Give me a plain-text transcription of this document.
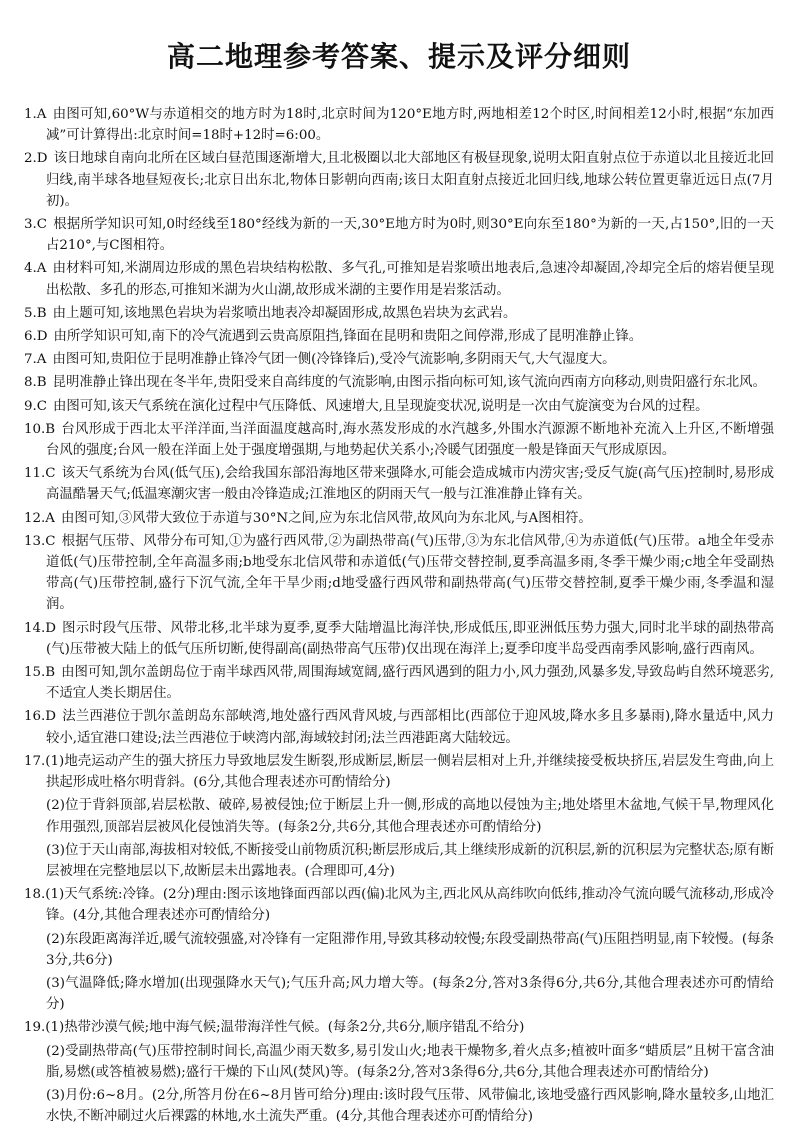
高二地理参考答案、提示及评分细则

1.A 由图可知,60°W与赤道相交的地方时为18时,北京时间为120°E地方时,两地相差12个时区,时间相差12小时,根据“东加西减”可计算得出:北京时间=18时+12时=6:00。

2.D 该日地球自南向北所在区域白昼范围逐渐增大,且北极圈以北大部地区有极昼现象,说明太阳直射点位于赤道以北且接近北回归线,南半球各地昼短夜长;北京日出东北,物体日影朝向西南;该日太阳直射点接近北回归线,地球公转位置更靠近远日点(7月初)。

3.C 根据所学知识可知,0时经线至180°经线为新的一天,30°E地方时为0时,则30°E向东至180°为新的一天,占150°,旧的一天占210°,与C图相符。

4.A 由材料可知,米湖周边形成的黑色岩块结构松散、多气孔,可推知是岩浆喷出地表后,急速冷却凝固,冷却完全后的熔岩便呈现出松散、多孔的形态,可推知米湖为火山湖,故形成米湖的主要作用是岩浆活动。

5.B 由上题可知,该地黑色岩块为岩浆喷出地表冷却凝固形成,故黑色岩块为玄武岩。

6.D 由所学知识可知,南下的冷气流遇到云贵高原阻挡,锋面在昆明和贵阳之间停滞,形成了昆明准静止锋。

7.A 由图可知,贵阳位于昆明准静止锋冷气团一侧(冷锋锋后),受冷气流影响,多阴雨天气,大气湿度大。

8.B 昆明准静止锋出现在冬半年,贵阳受来自高纬度的气流影响,由图示指向标可知,该气流向西南方向移动,则贵阳盛行东北风。

9.C 由图可知,该天气系统在演化过程中气压降低、风速增大,且呈现旋变状况,说明是一次由气旋演变为台风的过程。

10.B 台风形成于西北太平洋洋面,当洋面温度越高时,海水蒸发形成的水汽越多,外围水汽源源不断地补充流入上升区,不断增强台风的强度;台风一般在洋面上处于强度增强期,与地势起伏关系小;冷暖气团强度一般是锋面天气形成原因。

11.C 该天气系统为台风(低气压),会给我国东部沿海地区带来强降水,可能会造成城市内涝灾害;受反气旋(高气压)控制时,易形成高温酷暑天气;低温寒潮灾害一般由冷锋造成;江淮地区的阴雨天气一般与江淮准静止锋有关。

12.A 由图可知,③风带大致位于赤道与30°N之间,应为东北信风带,故风向为东北风,与A图相符。

13.C 根据气压带、风带分布可知,①为盛行西风带,②为副热带高(气)压带,③为东北信风带,④为赤道低(气)压带。a地全年受赤道低(气)压带控制,全年高温多雨;b地受东北信风带和赤道低(气)压带交替控制,夏季高温多雨,冬季干燥少雨;c地全年受副热带高(气)压带控制,盛行下沉气流,全年干旱少雨;d地受盛行西风带和副热带高(气)压带交替控制,夏季干燥少雨,冬季温和湿润。

14.D 图示时段气压带、风带北移,北半球为夏季,夏季大陆增温比海洋快,形成低压,即亚洲低压势力强大,同时北半球的副热带高(气)压带被大陆上的低气压所切断,使得副高(副热带高气压带)仅出现在海洋上;夏季印度半岛受西南季风影响,盛行西南风。

15.B 由图可知,凯尔盖朗岛位于南半球西风带,周围海域宽阔,盛行西风遇到的阻力小,风力强劲,风暴多发,导致岛屿自然环境恶劣,不适宜人类长期居住。

16.D 法兰西港位于凯尔盖朗岛东部峡湾,地处盛行西风背风坡,与西部相比(西部位于迎风坡,降水多且多暴雨),降水量适中,风力较小,适宜港口建设;法兰西港位于峡湾内部,海域较封闭;法兰西港距离大陆较远。

17.(1)地壳运动产生的强大挤压力导致地层发生断裂,形成断层,断层一侧岩层相对上升,并继续接受板块挤压,岩层发生弯曲,向上拱起形成吐格尔明背斜。(6分,其他合理表述亦可酌情给分)

(2)位于背斜顶部,岩层松散、破碎,易被侵蚀;位于断层上升一侧,形成的高地以侵蚀为主;地处塔里木盆地,气候干旱,物理风化作用强烈,顶部岩层被风化侵蚀消失等。(每条2分,共6分,其他合理表述亦可酌情给分)

(3)位于天山南部,海拔相对较低,不断接受山前物质沉积;断层形成后,其上继续形成新的沉积层,新的沉积层为完整状态;原有断层被埋在完整地层以下,故断层未出露地表。(合理即可,4分)

18.(1)天气系统:冷锋。(2分)理由:图示该地锋面西部以西(偏)北风为主,西北风从高纬吹向低纬,推动冷气流向暖气流移动,形成冷锋。(4分,其他合理表述亦可酌情给分)

(2)东段距离海洋近,暖气流较强盛,对冷锋有一定阻滞作用,导致其移动较慢;东段受副热带高(气)压阻挡明显,南下较慢。(每条3分,共6分)

(3)气温降低;降水增加(出现强降水天气);气压升高;风力增大等。(每条2分,答对3条得6分,共6分,其他合理表述亦可酌情给分)

19.(1)热带沙漠气候;地中海气候;温带海洋性气候。(每条2分,共6分,顺序错乱不给分)

(2)受副热带高(气)压带控制时间长,高温少雨天数多,易引发山火;地表干燥物多,着火点多;植被叶面多“蜡质层”且树干富含油脂,易燃(或答植被易燃);盛行干燥的下山风(焚风)等。(每条2分,答对3条得6分,共6分,其他合理表述亦可酌情给分)

(3)月份:6~8月。(2分,所答月份在6~8月皆可给分)理由:该时段气压带、风带偏北,该地受盛行西风影响,降水量较多,山地汇水快,不断冲刷过火后裸露的林地,水土流失严重。(4分,其他合理表述亦可酌情给分)
